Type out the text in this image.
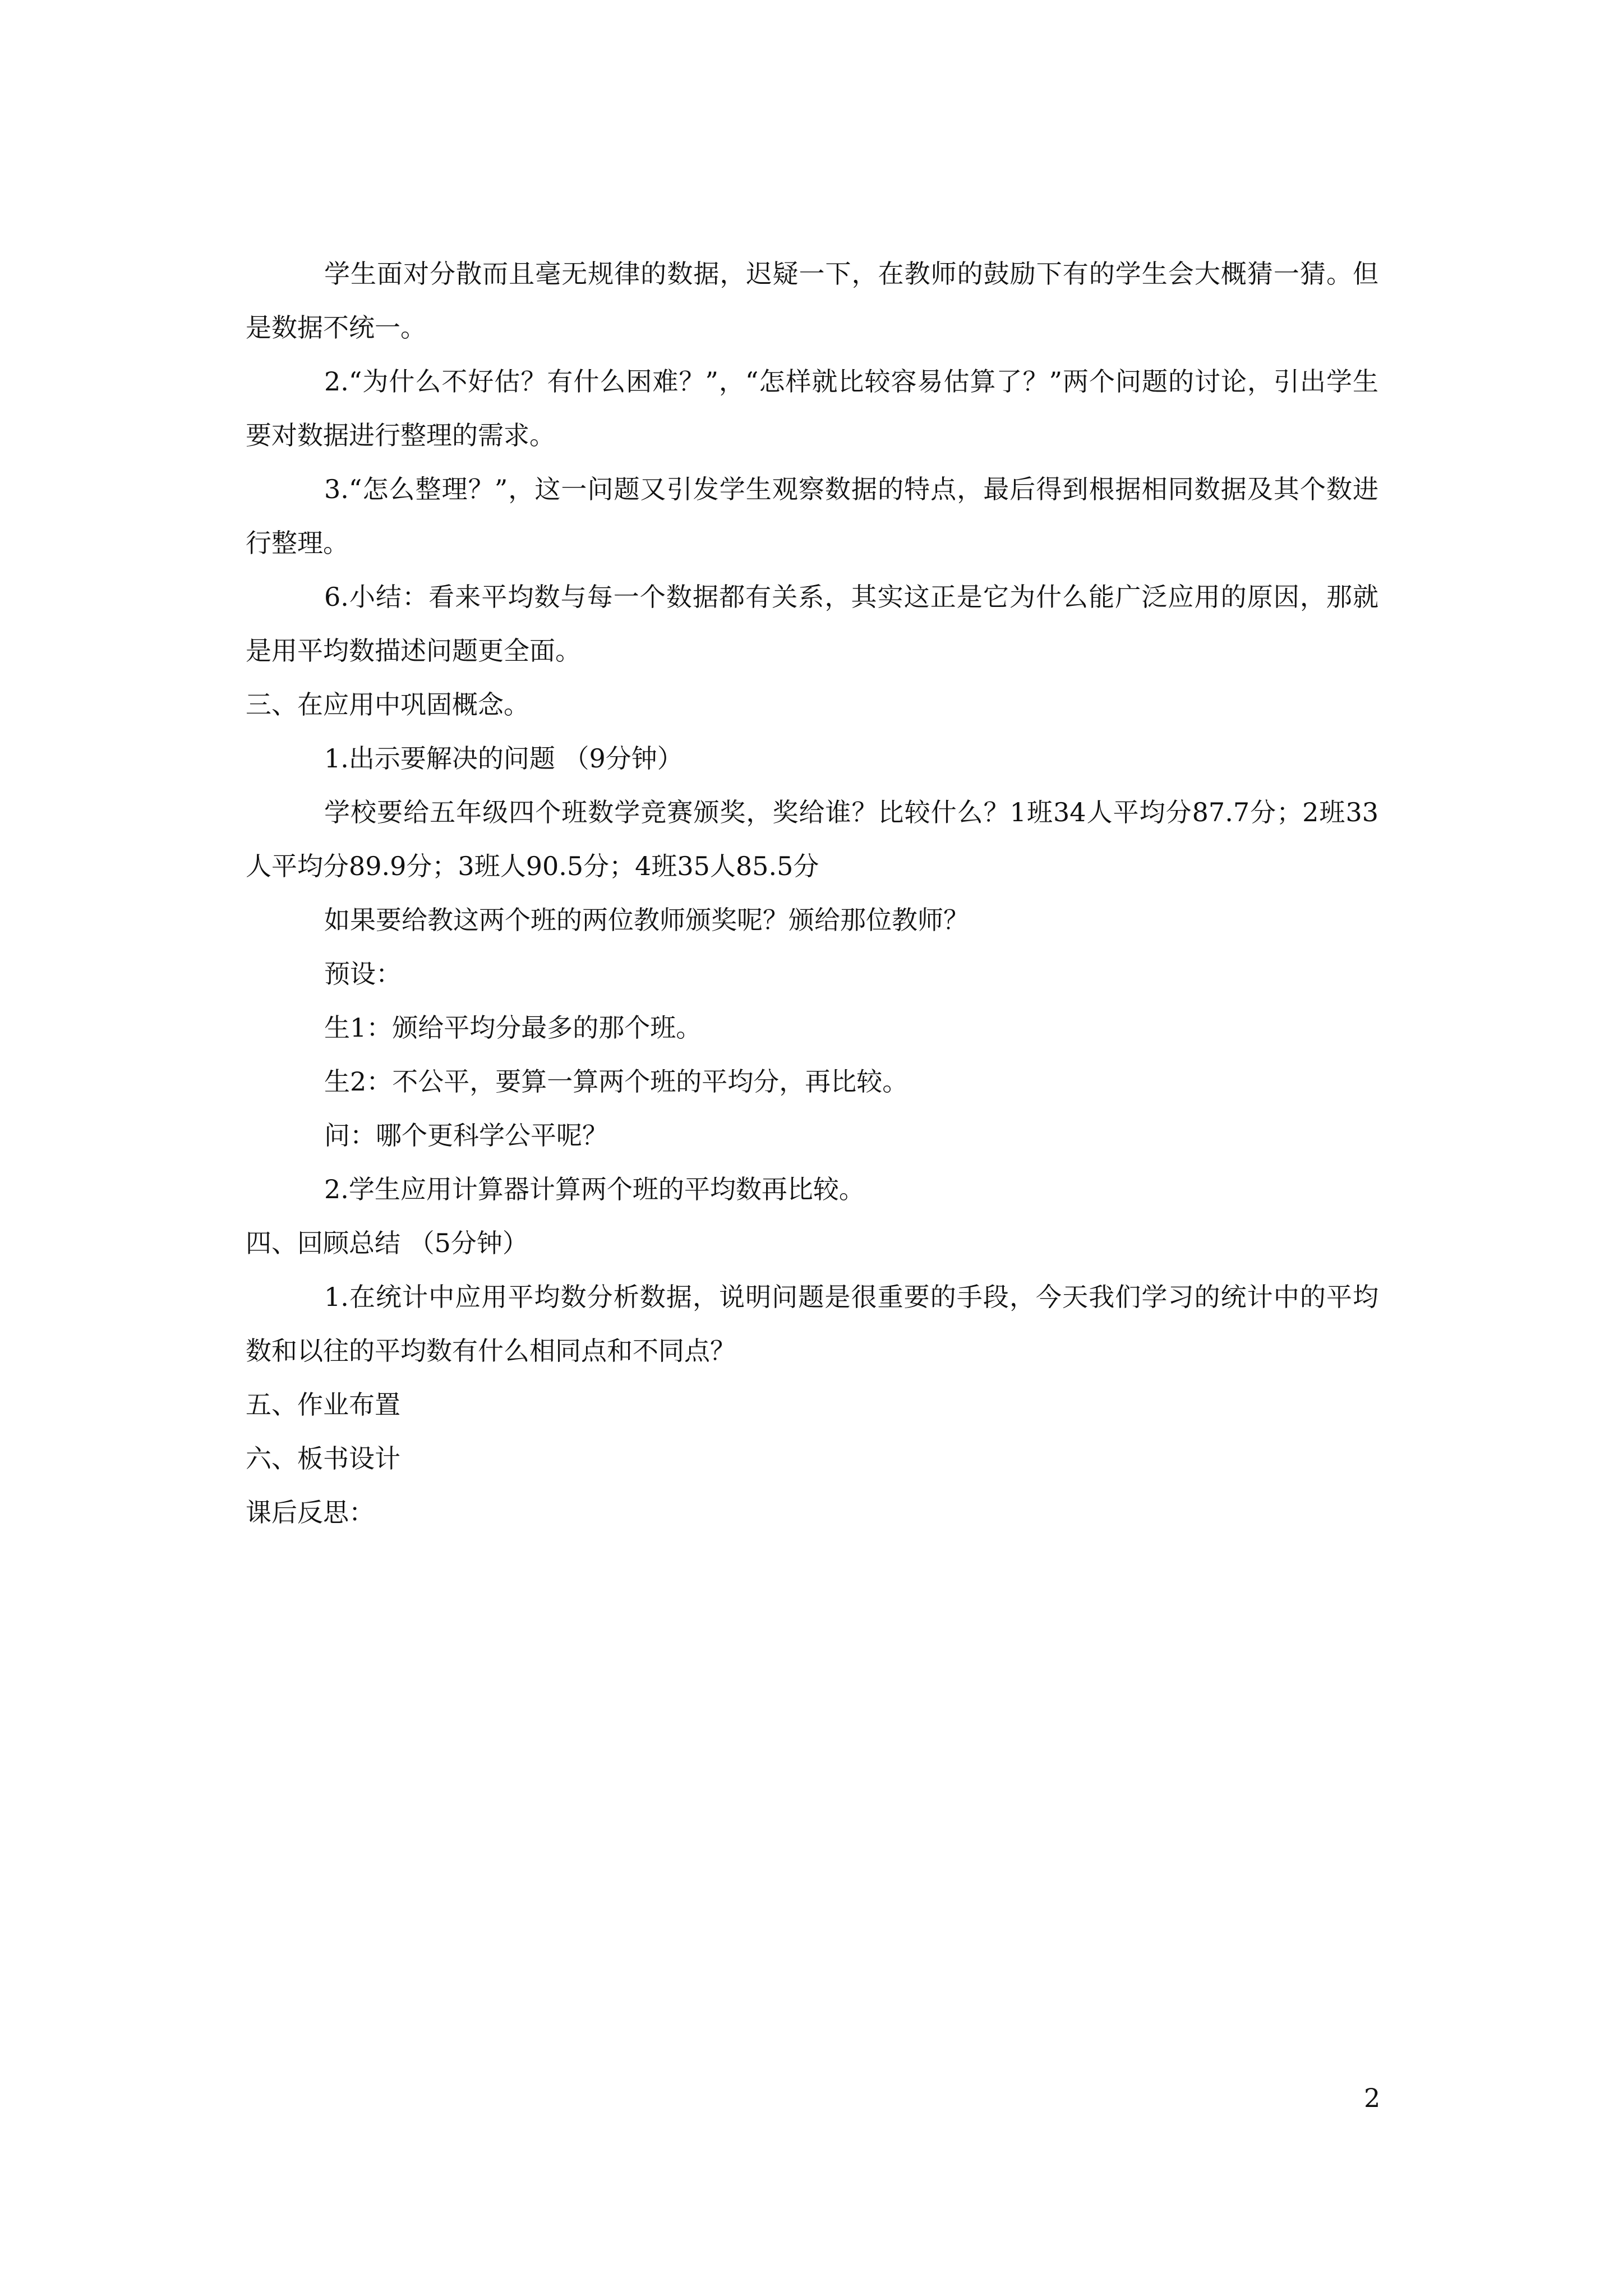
学生面对分散而且毫无规律的数据，迟疑一下，在教师的鼓励下有的学生会大概猜一猜。但是数据不统一。

2.“为什么不好估？有什么困难？”，“怎样就比较容易估算了？”两个问题的讨论，引出学生要对数据进行整理的需求。

3.“怎么整理？”，这一问题又引发学生观察数据的特点，最后得到根据相同数据及其个数进行整理。

6.小结：看来平均数与每一个数据都有关系，其实这正是它为什么能广泛应用的原因，那就是用平均数描述问题更全面。

三、在应用中巩固概念。

1.出示要解决的问题 （9分钟）

学校要给五年级四个班数学竞赛颁奖，奖给谁？比较什么？1班34人平均分87.7分；2班33人平均分89.9分；3班人90.5分；4班35人85.5分

如果要给教这两个班的两位教师颁奖呢？颁给那位教师？

预设：

生1：颁给平均分最多的那个班。

生2：不公平，要算一算两个班的平均分，再比较。

问：哪个更科学公平呢？

2.学生应用计算器计算两个班的平均数再比较。

四、回顾总结 （5分钟）

1.在统计中应用平均数分析数据，说明问题是很重要的手段，今天我们学习的统计中的平均数和以往的平均数有什么相同点和不同点？

五、作业布置

六、板书设计

课后反思：

2
